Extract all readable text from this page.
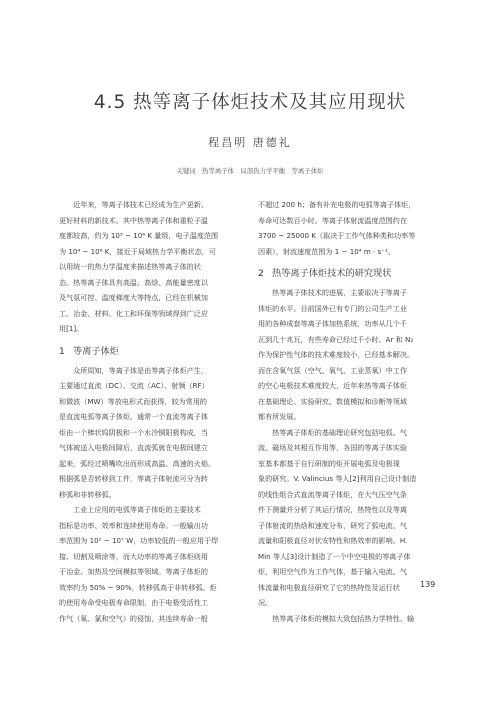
4.5 热等离子体炬技术及其应用现状
程昌明 唐德礼
关键词　热等离子体　局部热力学平衡　等离子体炬

　　近年来，等离子体技术已经成为生产更新、
更好材料的新技术。其中热等离子体和重粒子温
度都较高，约为 10³ ~ 10⁴ K 量级，电子温度范围
为 10⁴ ~ 10⁶ K，接近于局域热力学平衡状态，可
以用统一的热力学温度来描述热等离子体的状
态。热等离子体具有高温、高焓、高能量密度以
及气氛可控、温度梯度大等特点，已经在机械加
工、冶金、材料、化工和环保等领域得到广泛应
用[1]。

1 等离子体炬

　　众所周知，等离子体是由等离子体炬产生，
主要通过直流（DC）、交流（AC）、射频（RF）
和微波（MW）等放电形式而获得，较为常用的
是直流电弧等离子体炬。通常一个直流等离子体
炬由一个棒状钨阴极和一个水冷铜阳极构成，当
气体被送入电极间隙后，直流弧就在电极间建立
起来，弧经过喷嘴吹出而形成高温、高速的火焰。
根据弧是否转移到工件，等离子体射流可分为转
移弧和非转移弧。

　　工业上应用的电弧等离子体炬的主要技术
指标是功率、效率和连续使用寿命。一般输出功
率范围为 10² ~ 10⁷ W，功率较低的一般应用于焊
接、切割及喷涂等，而大功率的等离子体炬则用
于冶金、加热及空间模拟等领域。等离子体炬的
效率约为 50% ~ 90%，转移弧高于非转移弧。炬
的使用寿命受电极寿命限制，由于电极受活性工
作气（氧、氯和空气）的侵蚀，其连续寿命一般

不超过 200 h；备有补充电极的电弧等离子体炬，
寿命可达数百小时。等离子体射流温度范围约在
3700 ~ 25000 K（取决于工作气体种类和功率等
因素），射流速度范围为 1 ~ 10⁴ m · s⁻¹。

2 热等离子体炬技术的研究现状

　　热等离子体技术的进展，主要取决于等离子
体炬的水平。目前国外已有专门的公司生产工业
用的各种成套等离子体加热系统，功率从几个千
瓦到几十兆瓦，有些寿命已经过千小时。Ar 和 N₂
作为保护性气体的技术难度较小，已经基本解决。
而在含氧气氛（空气、氧气、工业蒸氧）中工作
的空心电极技术难度较大，近年来热等离子体炬
在基础理论、实验研究、数值模拟和诊断等领域
都有所发展。

　　热等离子体炬的基础理论研究包括电弧、气
流、磁场及其相互作用等，各国的等离子体实验
室基本都基于自行研制的炬开展电弧及电极现
象的研究。V. Valincius 等人[2]利用自己设计制造
的线性组合式直流等离子体炬，在大气压空气条
件下测量并分析了其运行情况，热特性以及等离
子体射流的热焓和速度分布，研究了弧电流、气
流量和阳极直径对伏安特性和热效率的影响。H.
Min 等人[3]设计制造了一个中空电极的等离子体
炬，利用空气作为工作气体，基于输入电流、气
体流量和电极直径研究了它的热特性及运行状
况。

　　热等离子体炬的模拟大致包括热力学特性、输

139
